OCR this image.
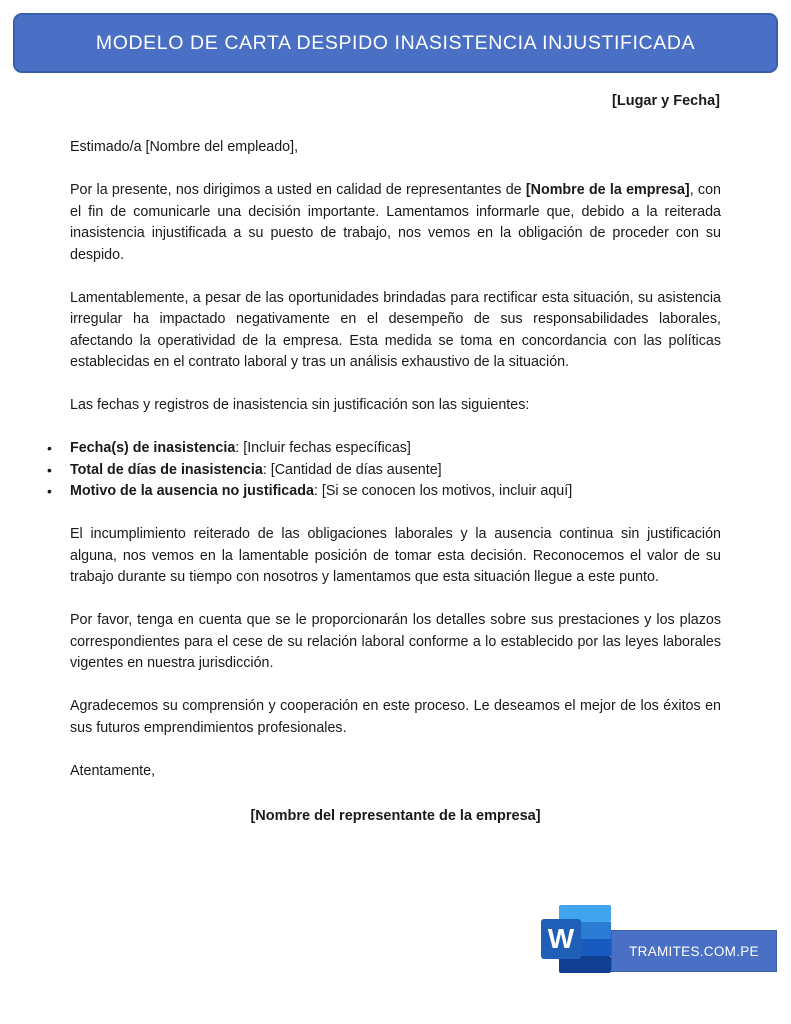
MODELO DE CARTA DESPIDO INASISTENCIA INJUSTIFICADA
[Lugar y Fecha]

Estimado/a [Nombre del empleado],

Por la presente, nos dirigimos a usted en calidad de representantes de [Nombre de la empresa], con el fin de comunicarle una decisión importante. Lamentamos informarle que, debido a la reiterada inasistencia injustificada a su puesto de trabajo, nos vemos en la obligación de proceder con su despido.

Lamentablemente, a pesar de las oportunidades brindadas para rectificar esta situación, su asistencia irregular ha impactado negativamente en el desempeño de sus responsabilidades laborales, afectando la operatividad de la empresa. Esta medida se toma en concordancia con las políticas establecidas en el contrato laboral y tras un análisis exhaustivo de la situación.

Las fechas y registros de inasistencia sin justificación son las siguientes:

• Fecha(s) de inasistencia: [Incluir fechas específicas]
• Total de días de inasistencia: [Cantidad de días ausente]
• Motivo de la ausencia no justificada: [Si se conocen los motivos, incluir aquí]

El incumplimiento reiterado de las obligaciones laborales y la ausencia continua sin justificación alguna, nos vemos en la lamentable posición de tomar esta decisión. Reconocemos el valor de su trabajo durante su tiempo con nosotros y lamentamos que esta situación llegue a este punto.

Por favor, tenga en cuenta que se le proporcionarán los detalles sobre sus prestaciones y los plazos correspondientes para el cese de su relación laboral conforme a lo establecido por las leyes laborales vigentes en nuestra jurisdicción.

Agradecemos su comprensión y cooperación en este proceso. Le deseamos el mejor de los éxitos en sus futuros emprendimientos profesionales.

Atentamente,

[Nombre del representante de la empresa]
W	TRAMITES.COM.PE
